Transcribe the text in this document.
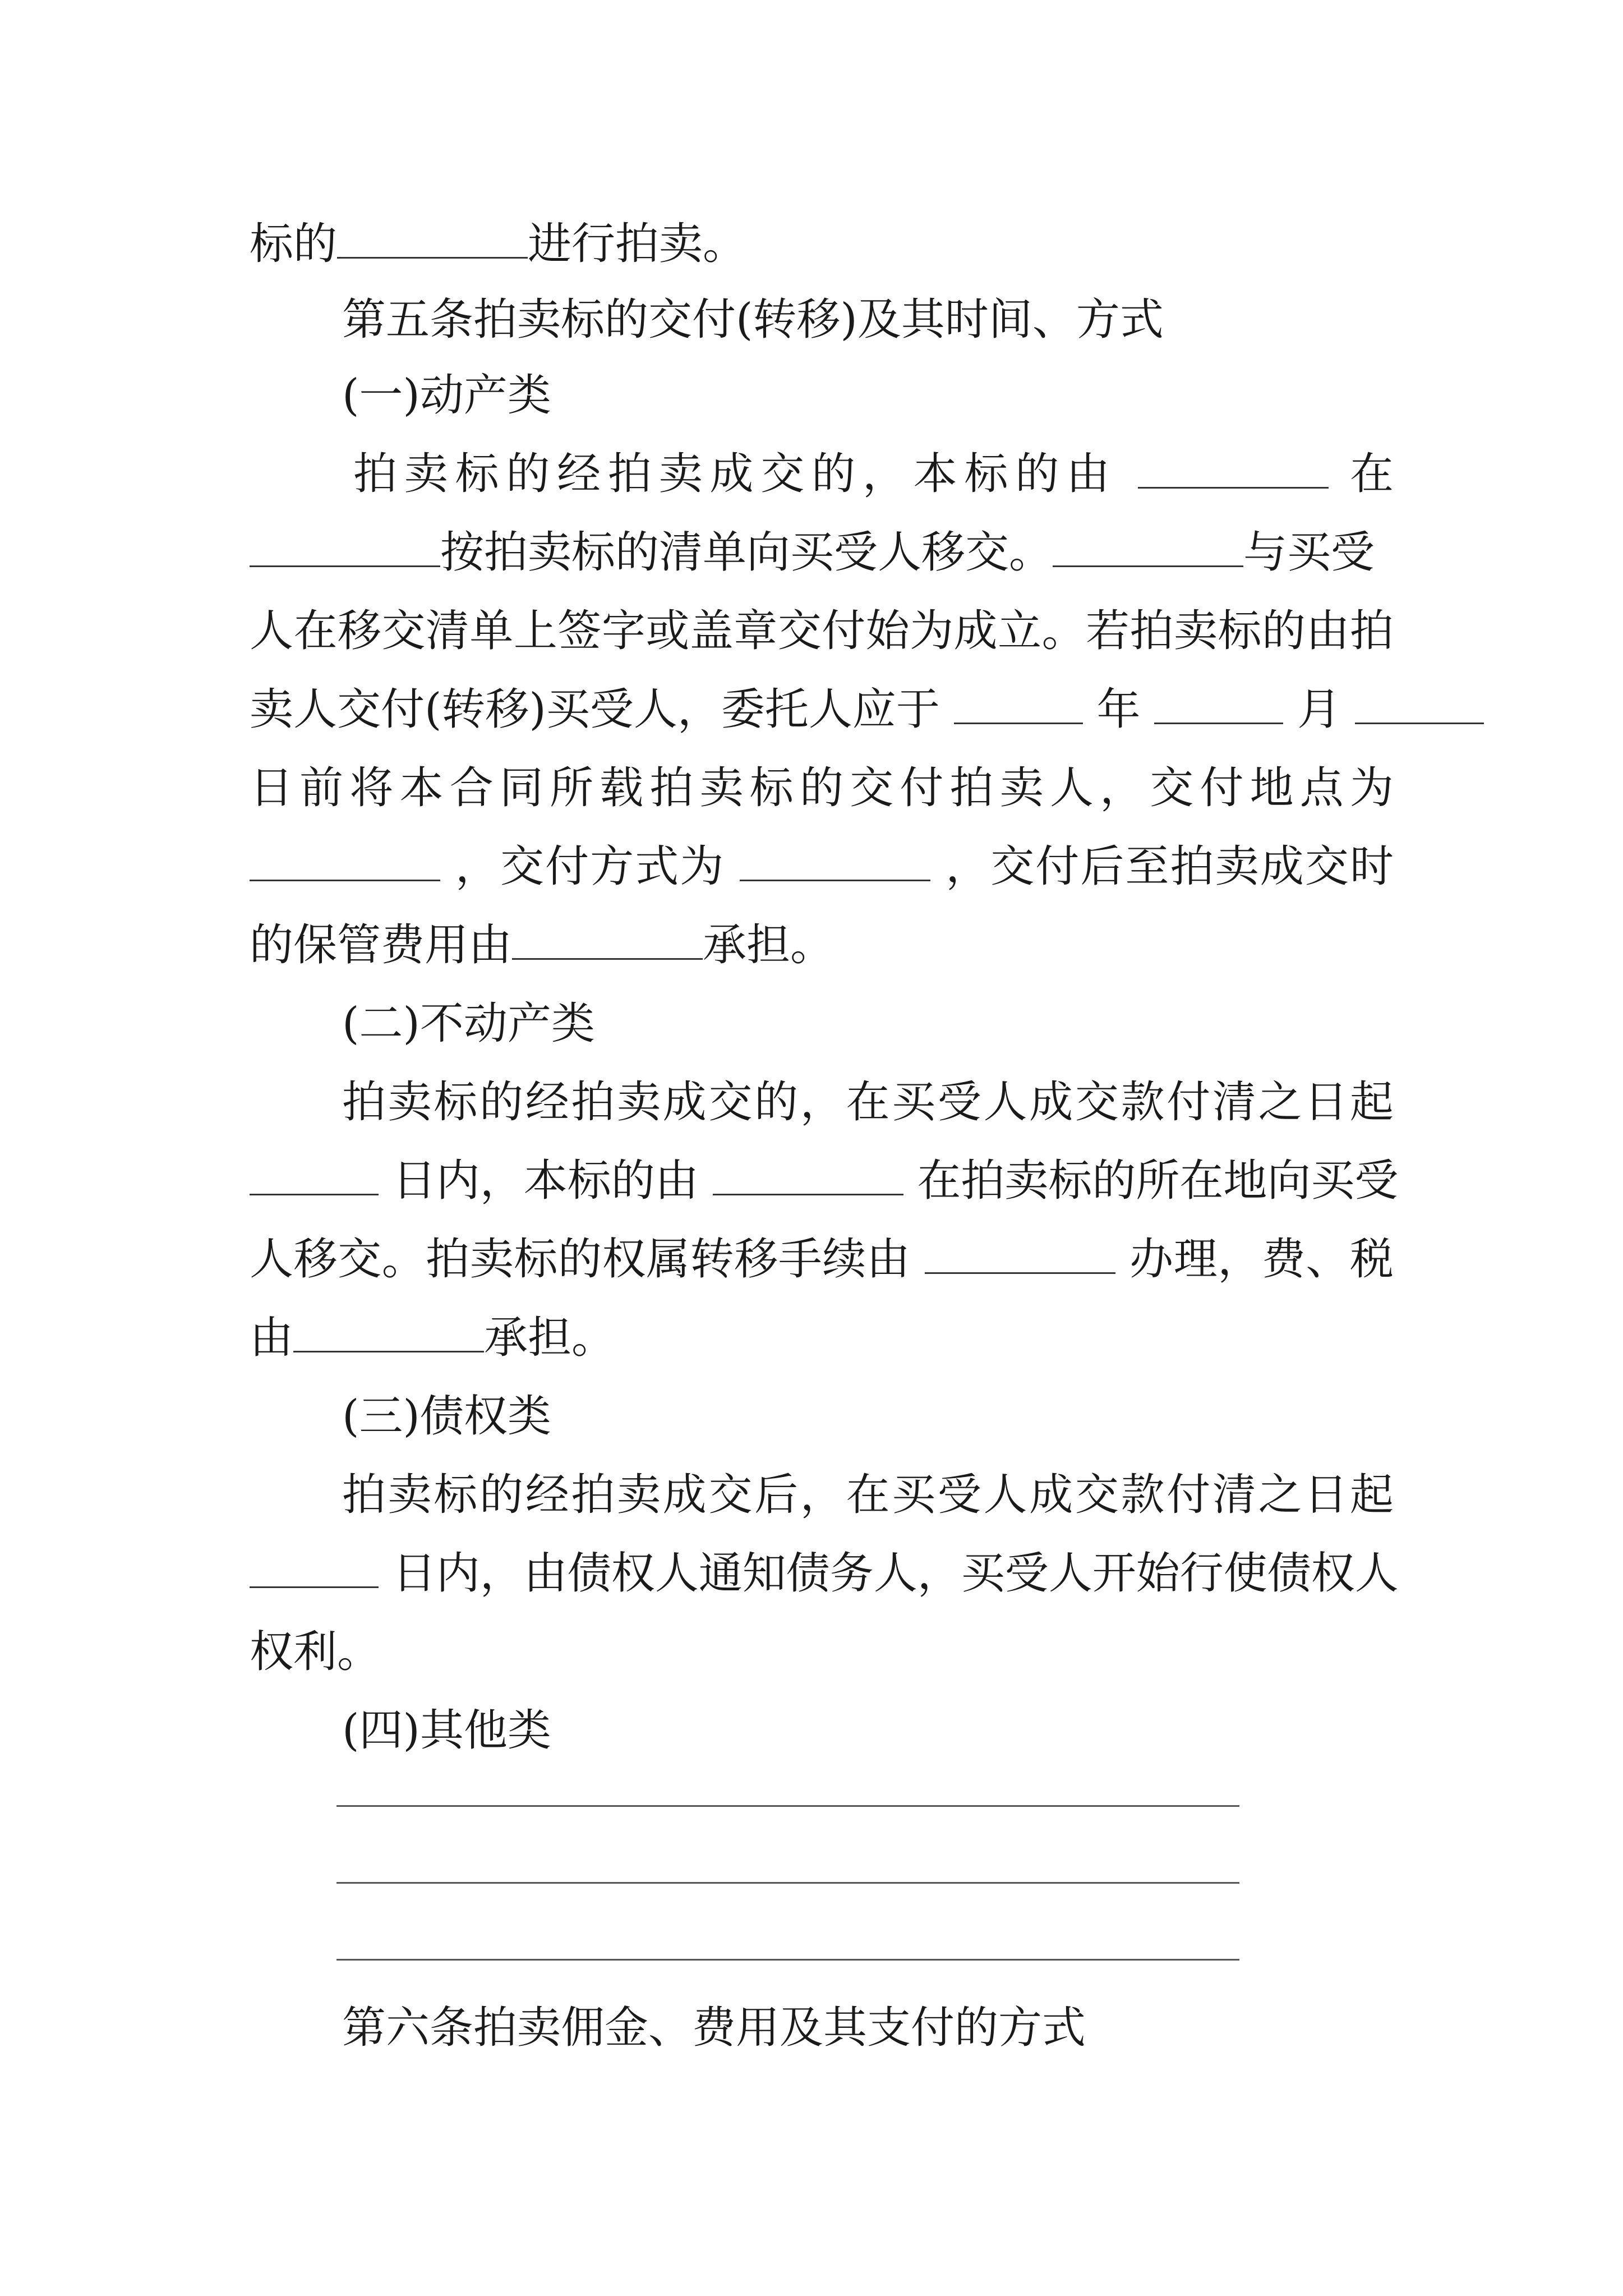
标的	进行拍卖。
第五条拍卖标的交付(转移)及其时间、方式
(一)动产类
拍卖标的经拍卖成交的，本标的由	在
按拍卖标的清单向买受人移交。	与买受
人在移交清单上签字或盖章交付始为成立。若拍卖标的由拍
卖人交付(转移)买受人，委托人应于	年	月
日前将本合同所载拍卖标的交付拍卖人，交付地点为
，交付方式为	，交付后至拍卖成交时
的保管费用由	承担。
(二)不动产类
拍卖标的经拍卖成交的，在买受人成交款付清之日起
日内，本标的由	在拍卖标的所在地向买受
人移交。拍卖标的权属转移手续由	办理，费、税
由	承担。
(三)债权类
拍卖标的经拍卖成交后，在买受人成交款付清之日起
日内，由债权人通知债务人，买受人开始行使债权人
权利。
(四)其他类
第六条拍卖佣金、费用及其支付的方式
